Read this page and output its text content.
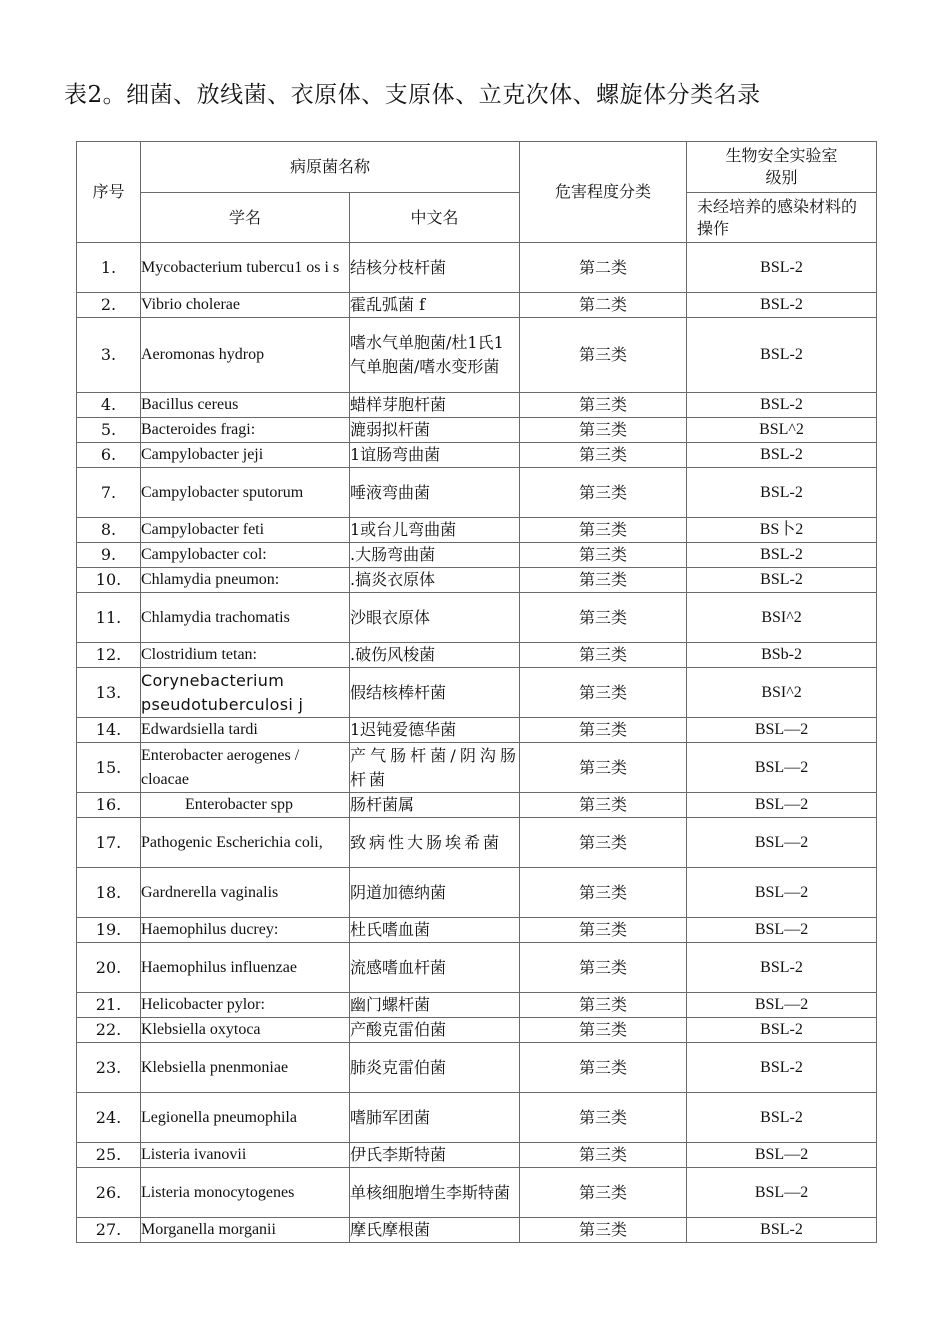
表2。细菌、放线菌、衣原体、支原体、立克次体、螺旋体分类名录
序号	病原菌名称		危害程度分类	生物安全实验室级别

	学名	中文名		未经培养的感染材料的操作

1.	Mycobacterium tubercu1 os i s	结核分枝杆菌	第二类	BSL-2
2.	Vibrio cholerae	霍乱弧菌 f	第二类	BSL-2
3.	Aeromonas hydrop	嗜水气单胞菌/杜1氏1气单胞菌/嗜水变形菌	第三类	BSL-2
4.	Bacillus cereus	蜡样芽胞杆菌	第三类	BSL-2
5.	Bacteroides fragi:	漉弱拟杆菌	第三类	BSL^2
6.	Campylobacter jeji	1谊肠弯曲菌	第三类	BSL-2
7.	Campylobacter sputorum	唾液弯曲菌	第三类	BSL-2
8.	Campylobacter feti	1或台儿弯曲菌	第三类	BS卜2
9.	Campylobacter col:	.大肠弯曲菌	第三类	BSL-2
10.	Chlamydia pneumon:	.搞炎衣原体	第三类	BSL-2
11.	Chlamydia trachomatis	沙眼衣原体	第三类	BSI^2
12.	Clostridium tetan:	.破伤风梭菌	第三类	BSb-2
13.	Corynebacterium pseudotuberculosi j	假结核棒杆菌	第三类	BSI^2
14.	Edwardsiella tardi	1迟钝爱德华菌	第三类	BSL—2
15.	Enterobacter aerogenes / cloacae	产气肠杆菌/阴沟肠杆菌	第三类	BSL—2
16.	Enterobacter spp	肠杆菌属	第三类	BSL—2
17.	Pathogenic Escherichia coli,	致病性大肠埃希菌	第三类	BSL—2
18.	Gardnerella vaginalis	阴道加德纳菌	第三类	BSL—2
19.	Haemophilus ducrey:	杜氏嗜血菌	第三类	BSL—2
20.	Haemophilus influenzae	流感嗜血杆菌	第三类	BSL-2
21.	Helicobacter pylor:	幽门螺杆菌	第三类	BSL—2
22.	Klebsiella oxytoca	产酸克雷伯菌	第三类	BSL-2
23.	Klebsiella pnenmoniae	肺炎克雷伯菌	第三类	BSL-2
24.	Legionella pneumophila	嗜肺军团菌	第三类	BSL-2
25.	Listeria ivanovii	伊氏李斯特菌	第三类	BSL—2
26.	Listeria monocytogenes	单核细胞增生李斯特菌	第三类	BSL—2
27.	Morganella morganii	摩氏摩根菌	第三类	BSL-2
